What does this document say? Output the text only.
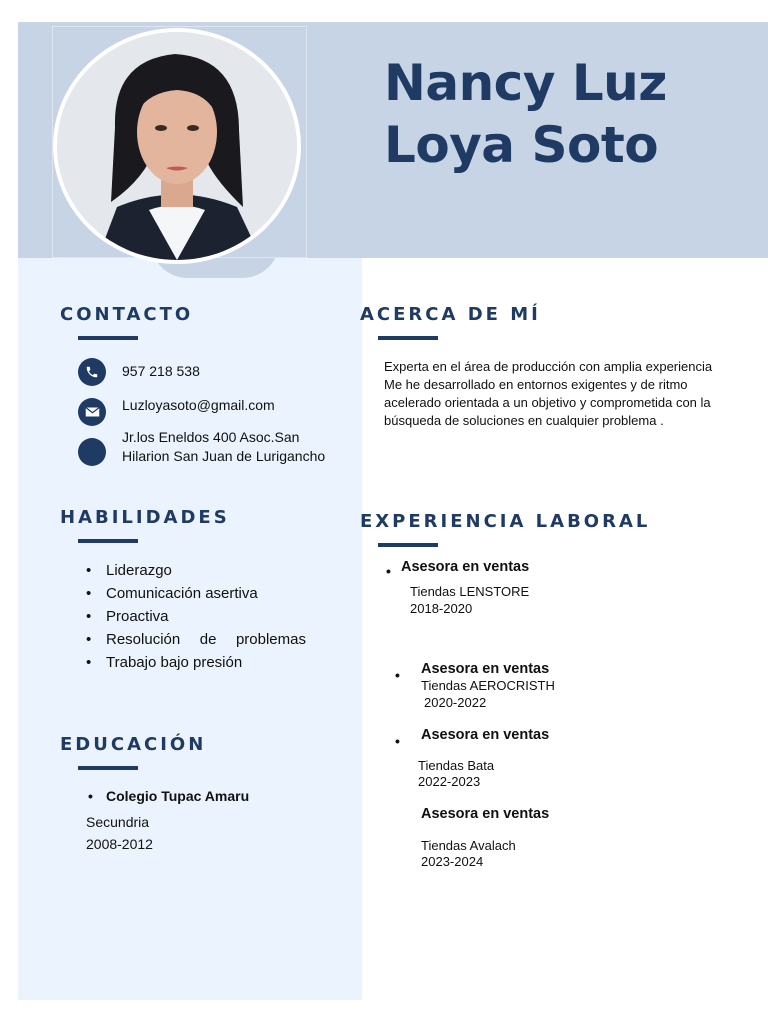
Nancy Luz
Loya Soto
CONTACTO
957 218 538
Luzloyasoto@gmail.com
Jr.los Eneldos 400 Asoc.San
Hilarion San Juan de Lurigancho
HABILIDADES
• Liderazgo
• Comunicación asertiva
• Proactiva
• Resolución de problemas
• Trabajo bajo presión
EDUCACIÓN
• Colegio Tupac Amaru
Secundria
2008-2012
ACERCA DE MÍ

Experta en el área de producción con amplia experiencia

Me he desarrollado en entornos exigentes y de ritmo

acelerado orientada a un objetivo y comprometida con la

búsqueda de soluciones en cualquier problema .

EXPERIENCIA LABORAL
• Asesora en ventas
Tiendas LENSTORE
2018-2020
• Asesora en ventas
Tiendas AEROCRISTH
2020-2022
• Asesora en ventas
Tiendas Bata
2022-2023
Asesora en ventas
Tiendas Avalach
2023-2024
